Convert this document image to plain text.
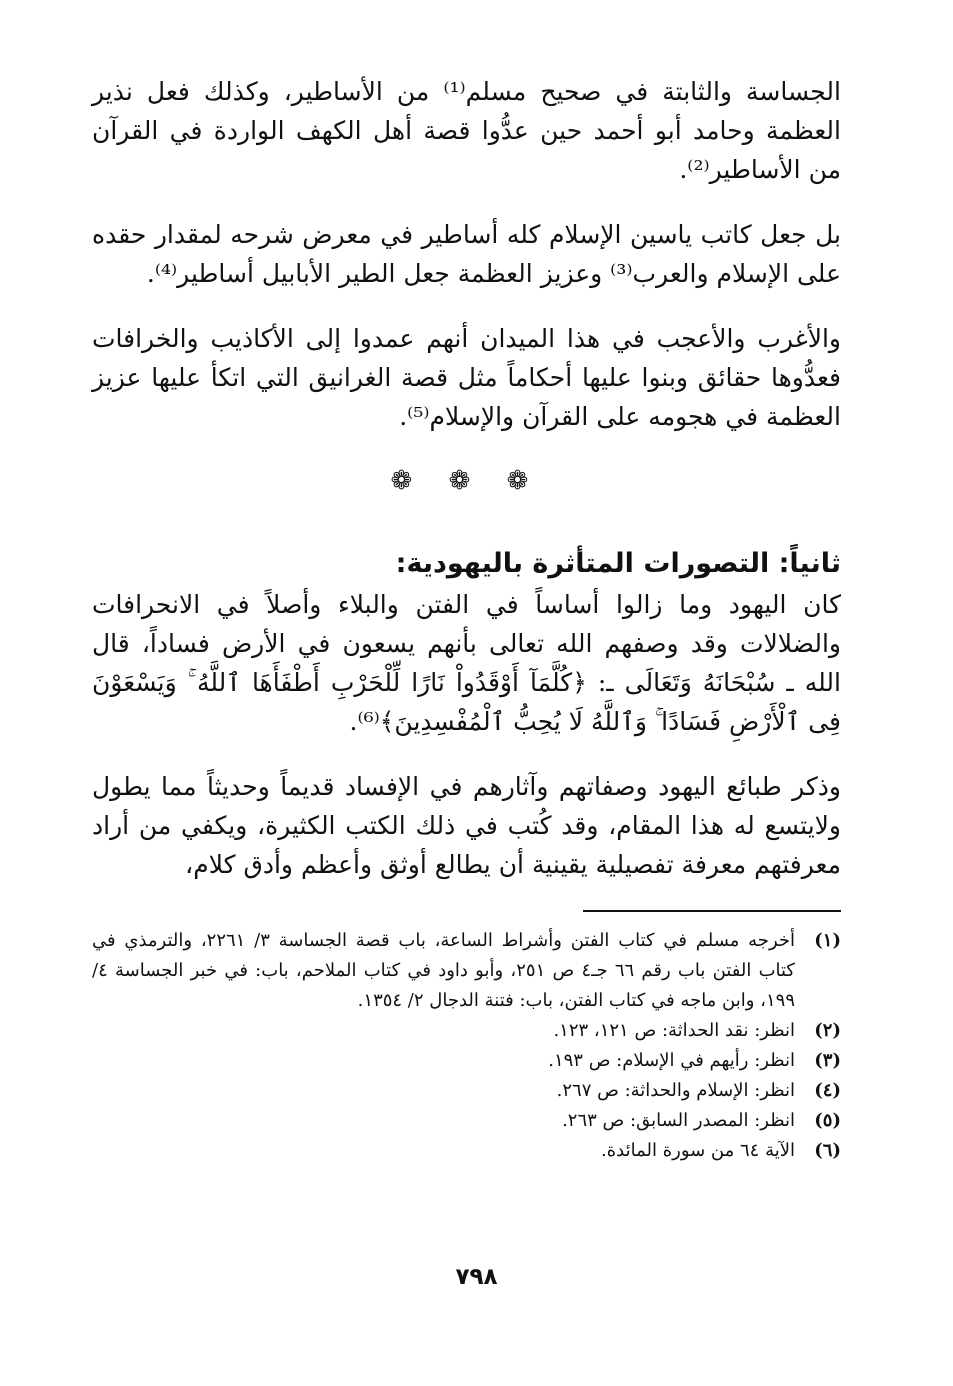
الجساسة والثابتة في صحيح مسلم⁽¹⁾ من الأساطير، وكذلك فعل نذير العظمة وحامد أبو أحمد حين عدُّوا قصة أهل الكهف الواردة في القرآن من الأساطير⁽²⁾.

بل جعل كاتب ياسين الإسلام كله أساطير في معرض شرحه لمقدار حقده على الإسلام والعرب⁽³⁾ وعزيز العظمة جعل الطير الأبابيل أساطير⁽⁴⁾.

والأغرب والأعجب في هذا الميدان أنهم عمدوا إلى الأكاذيب والخرافات فعدُّوها حقائق وبنوا عليها أحكاماً مثل قصة الغرانيق التي اتكأ عليها عزيز العظمة في هجومه على القرآن والإسلام⁽⁵⁾.

❁ ❁ ❁
ثانياً: التصورات المتأثرة باليهودية:

كان اليهود وما زالوا أساساً في الفتن والبلاء وأصلاً في الانحرافات والضلالات وقد وصفهم الله تعالى بأنهم يسعون في الأرض فساداً، قال الله ـ سُبْحَانَهُ وَتَعَالَى ـ: ﴿كُلَّمَآ أَوْقَدُواْ نَارًا لِّلْحَرْبِ أَطْفَأَهَا ٱللَّهُ ۚ وَيَسْعَوْنَ فِى ٱلْأَرْضِ فَسَادًا ۚ وَٱللَّهُ لَا يُحِبُّ ٱلْمُفْسِدِينَ﴾⁽⁶⁾.

وذكر طبائع اليهود وصفاتهم وآثارهم في الإفساد قديماً وحديثاً مما يطول ولايتسع له هذا المقام، وقد كُتب في ذلك الكتب الكثيرة، ويكفي من أراد معرفتهم معرفة تفصيلية يقينية أن يطالع أوثق وأعظم وأدق كلام،

(١)
أخرجه مسلم في كتاب الفتن وأشراط الساعة، باب قصة الجساسة ٣/ ٢٢٦١، والترمذي في كتاب الفتن باب رقم ٦٦ جـ٤ ص ٢٥١، وأبو داود في كتاب الملاحم، باب: في خبر الجساسة ٤/ ١٩٩، وابن ماجه في كتاب الفتن، باب: فتنة الدجال ٢/ ١٣٥٤.
(٢)
انظر: نقد الحداثة: ص ١٢١، ١٢٣.
(٣)
انظر: رأيهم في الإسلام: ص ١٩٣.
(٤)
انظر: الإسلام والحداثة: ص ٢٦٧.
(٥)
انظر: المصدر السابق: ص ٢٦٣.
(٦)
الآية ٦٤ من سورة المائدة.
٧٩٨
